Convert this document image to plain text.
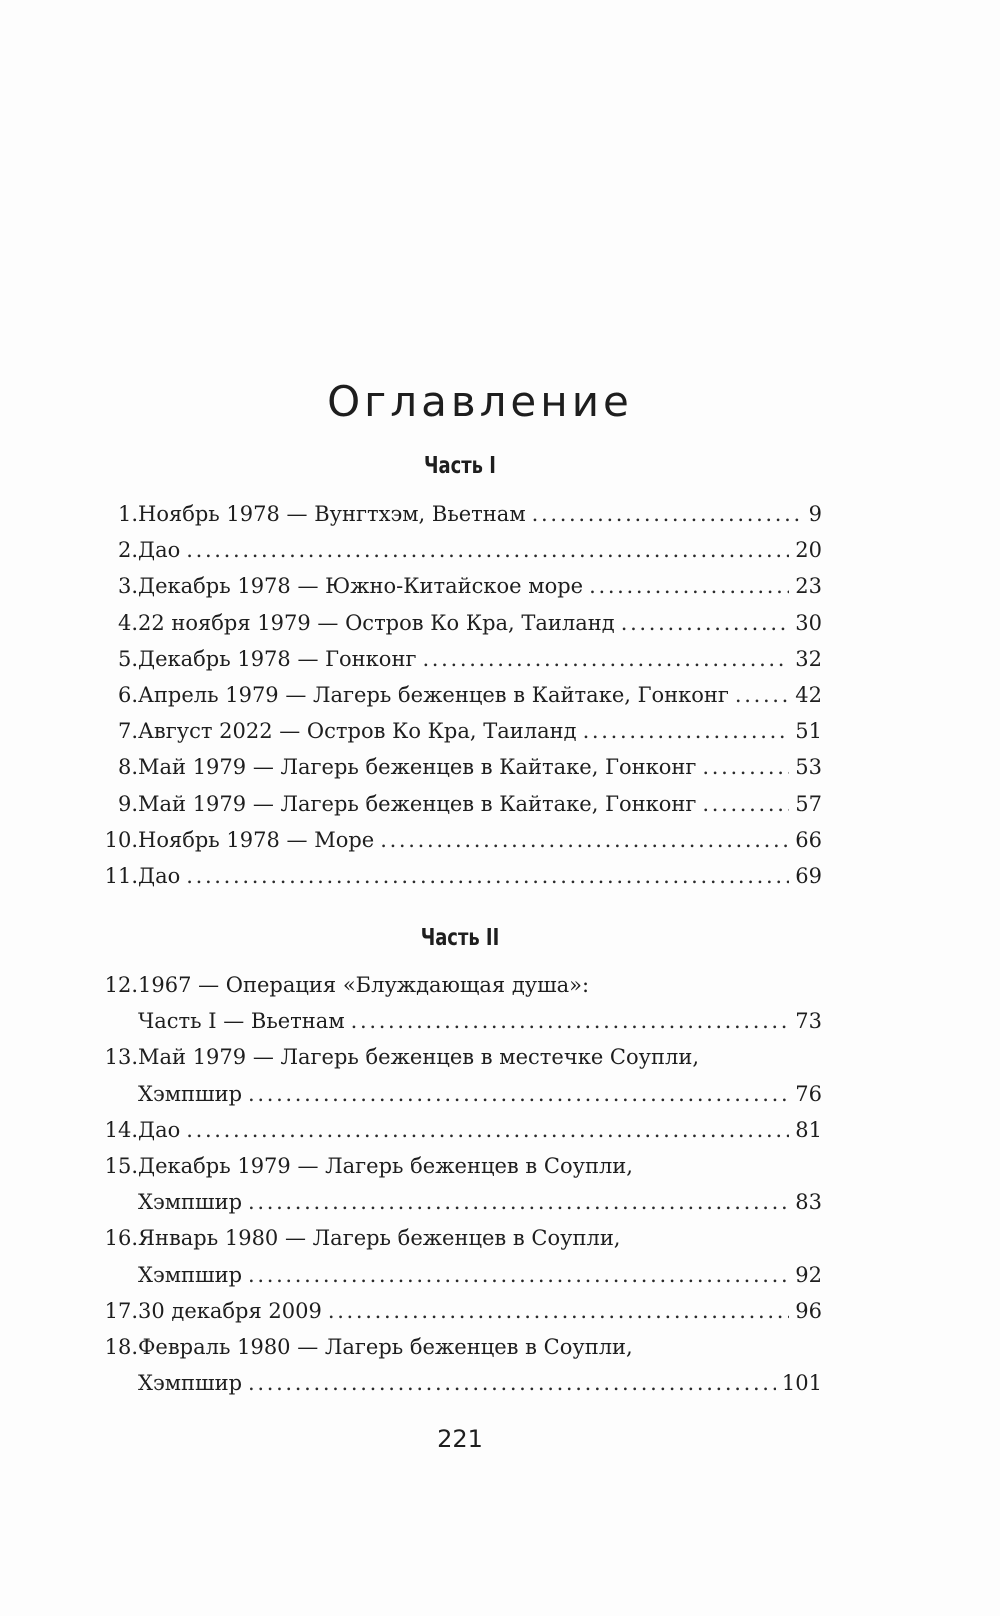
Оглавление
Часть I
1. Ноябрь 1978 — Вунгтхэм, Вьетнам . . .	9
2. Дао . . .	20
3. Декабрь 1978 — Южно-Китайское море . . .	23
4. 22 ноября 1979 — Остров Ко Кра, Таиланд . . .	30
5. Декабрь 1978 — Гонконг . . .	32
6. Апрель 1979 — Лагерь беженцев в Кайтаке, Гонконг . . .	42
7. Август 2022 — Остров Ко Кра, Таиланд . . .	51
8. Май 1979 — Лагерь беженцев в Кайтаке, Гонконг . . .	53
9. Май 1979 — Лагерь беженцев в Кайтаке, Гонконг . . .	57
10. Ноябрь 1978 — Море . . .	66
11. Дао . . .	69
Часть II
12. 1967 — Операция «Блуждающая душа»:
Часть I — Вьетнам . . .	73
13. Май 1979 — Лагерь беженцев в местечке Соупли,
Хэмпшир . . .	76
14. Дао . . .	81
15. Декабрь 1979 — Лагерь беженцев в Соупли,
Хэмпшир . . .	83
16. Январь 1980 — Лагерь беженцев в Соупли,
Хэмпшир . . .	92
17. 30 декабря 2009 . . .	96
18. Февраль 1980 — Лагерь беженцев в Соупли,
Хэмпшир . . .	101
221
